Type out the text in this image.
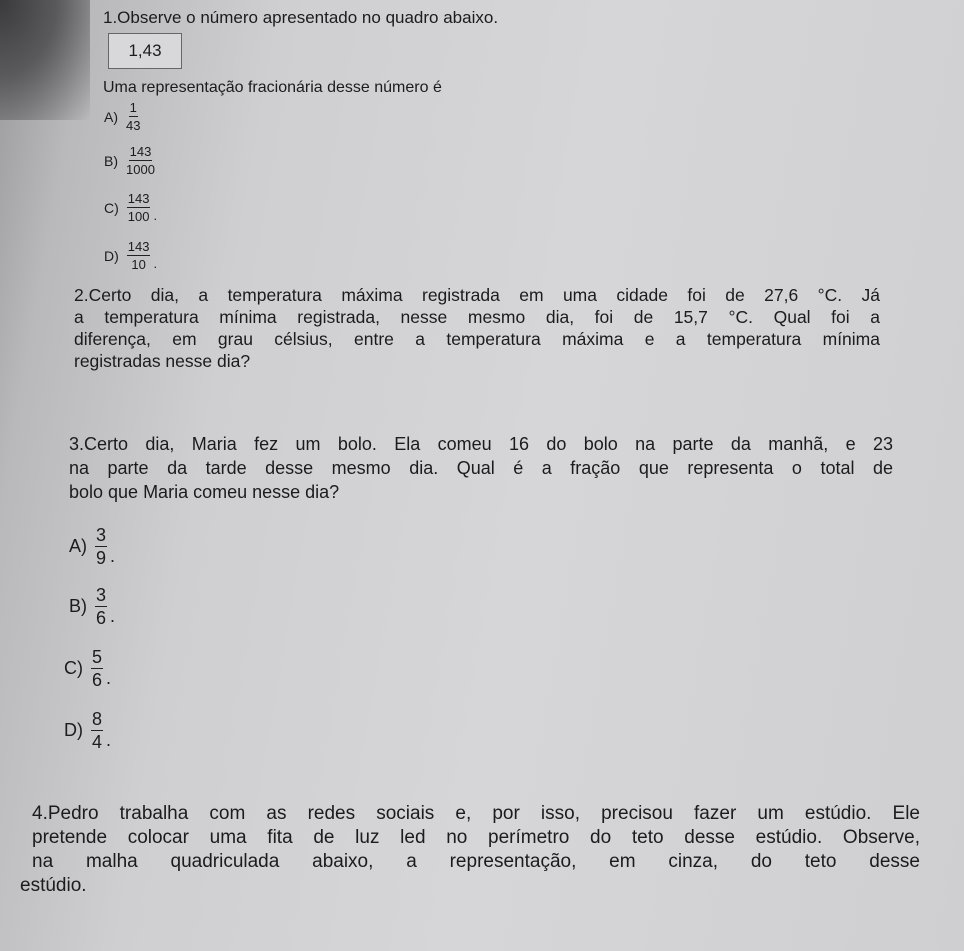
1.Observe o número apresentado no quadro abaixo.
1,43
Uma representação fracionária desse número é
$A) \frac{1}{43}$
$B) \frac{143}{1000}$
$C) \frac{143}{100}$ .
$D) \frac{143}{10}$ .
2.Certo dia, a temperatura máxima registrada em uma cidade foi de 27,6 °C. Já
a temperatura mínima registrada, nesse mesmo dia, foi de 15,7 °C. Qual foi a
diferença, em grau célsius, entre a temperatura máxima e a temperatura mínima
registradas nesse dia?
3.Certo dia, Maria fez um bolo. Ela comeu 16 do bolo na parte da manhã, e 23
na parte da tarde desse mesmo dia. Qual é a fração que representa o total de
bolo que Maria comeu nesse dia?
$A) \frac{3}{9}$ .
$B) \frac{3}{6}$ .
$C) \frac{5}{6}$ .
$D) \frac{8}{4}$ .
4.Pedro trabalha com as redes sociais e, por isso, precisou fazer um estúdio. Ele
pretende colocar uma fita de luz led no perímetro do teto desse estúdio. Observe,
na malha quadriculada abaixo, a representação, em cinza, do teto desse
estúdio.
